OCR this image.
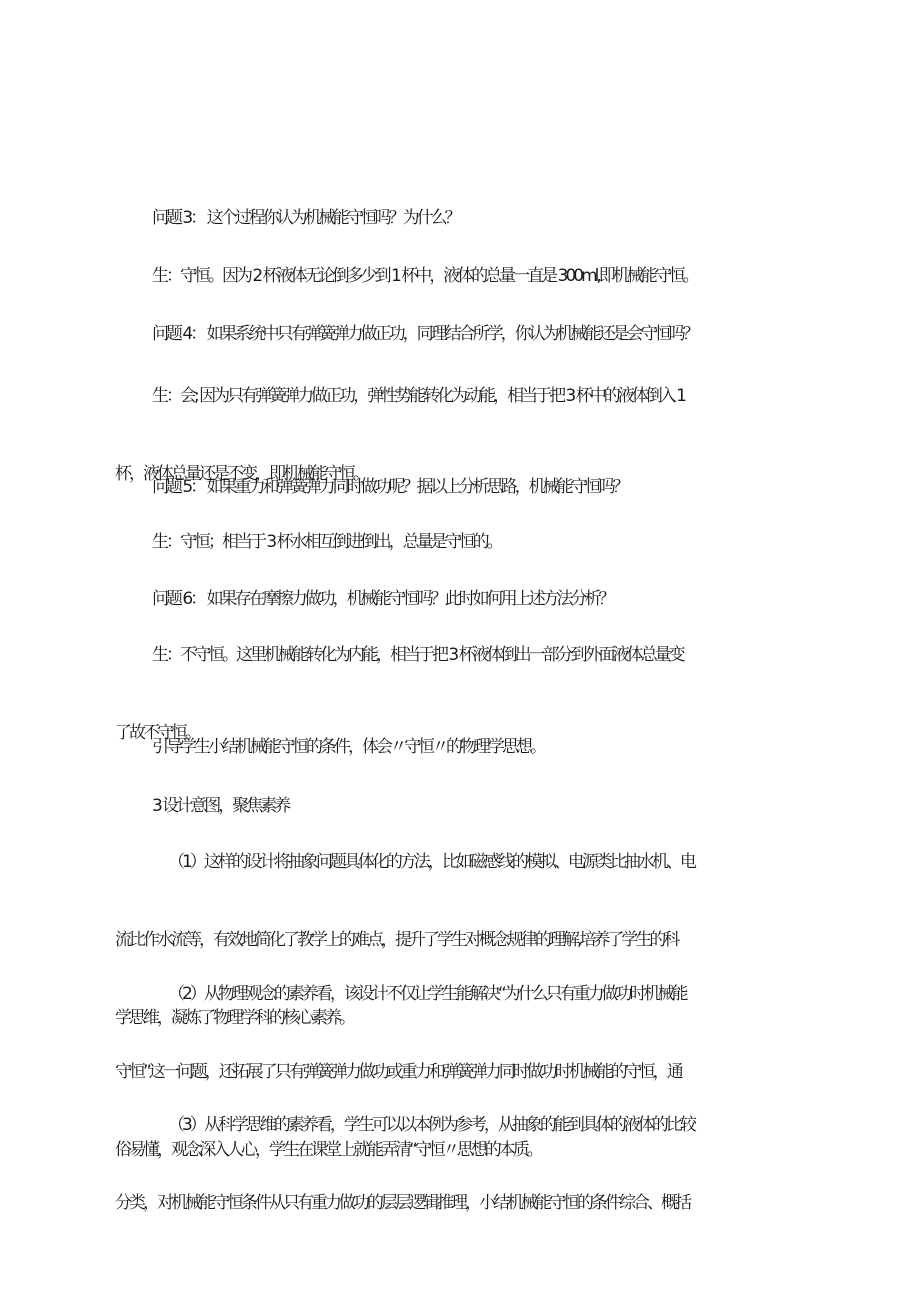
问题 3： 这个过程你认为机械能守恒吗？为什么？

生：守恒。因为 2 杯液体无论倒多少到 1 杯中，液体的总量一直是 300ml,即机械能守恒。

问题 4： 如果系统中只有弹簧弹力做正功，同理结合所学，你认为机械能还是会守恒吗？

生：会; 因为只有弹簧弹力做正功，弹性势能转化为动能，相当于把 3 杯中的液体倒入 1

杯，液体总量还是不变，即机械能守恒。

问题 5： 如果重力和弹簧弹力同时做功呢？据以上分析思路，机械能守恒吗？

生：守恒；相当于 3 杯水相互倒进倒出，总量是守恒的。

问题 6： 如果存在摩擦力做功，机械能守恒吗？此时如何用上述方法分析？

生：不守恒。这里机械能转化为内能，相当于把 3 杯液体倒出一部分到外面液体总量变

了故不守恒。

引导学生小结机械能守恒的条件，体会〃守恒〃的物理学思想。

3 设计意图，聚焦素养

（1）这样的设计将抽象问题具体化的方法，比如磁感线的模拟、电源类比抽水机、电

流比作水流等，有效地简化了教学上的难点，提升了学生对概念规律的理解,培养了学生的科

学思维，凝炼了物理学科的核心素养。

（2）从物理观念的素养看，该设计不仅让学生能解决“为什么只有重力做功时机械能

守恒”这一问题，还拓展了只有弹簧弹力做功或重力和弹簧弹力同时做功时机械能的守恒，通

俗易懂，观念深入人心，学生在课堂上就能弄清“守恒〃思想的本质。

（3）从科学思维的素养看，学生可以以本例为参考，从抽象的能到具体的液体的比较

分类，对机械能守恒条件从只有重力做功的层层逻辑推理，小结机械能守恒的条件综合、概括
